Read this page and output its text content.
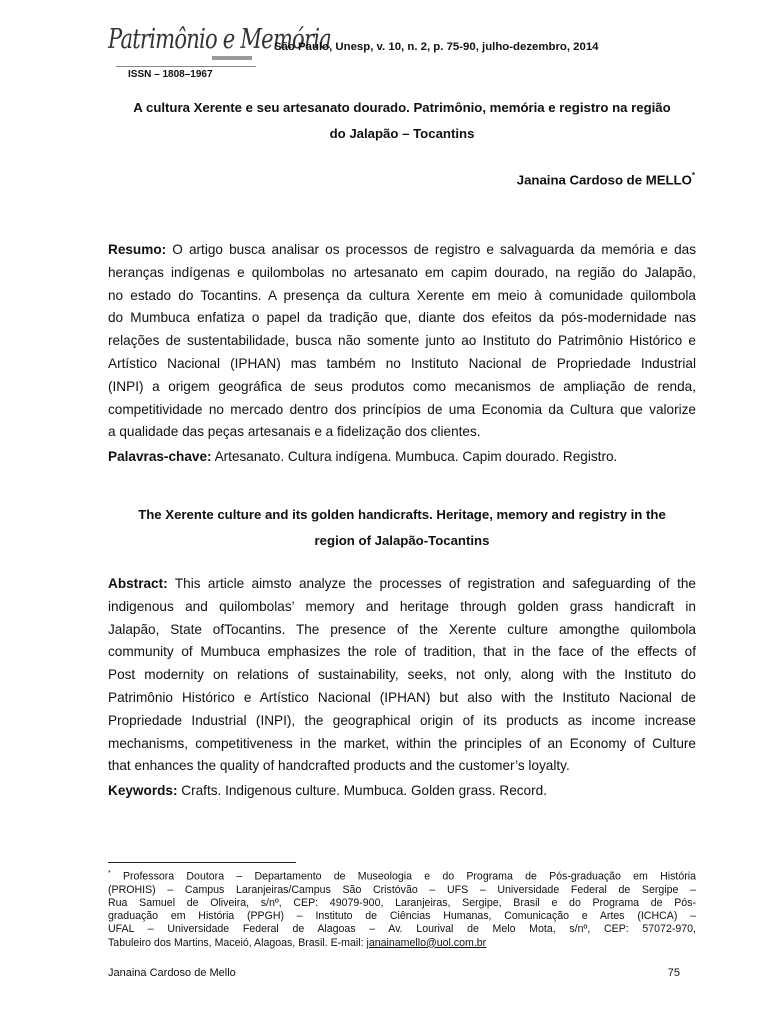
Patrimônio e Memória
ISSN – 1808–1967
São Paulo, Unesp, v. 10, n. 2, p. 75-90, julho-dezembro, 2014
A cultura Xerente e seu artesanato dourado. Patrimônio, memória e registro na região
do Jalapão – Tocantins
Janaina Cardoso de MELLO*
Resumo: O artigo busca analisar os processos de registro e salvaguarda da memória e das
heranças indígenas e quilombolas no artesanato em capim dourado, na região do Jalapão,
no estado do Tocantins. A presença da cultura Xerente em meio à comunidade quilombola
do Mumbuca enfatiza o papel da tradição que, diante dos efeitos da pós-modernidade nas
relações de sustentabilidade, busca não somente junto ao Instituto do Patrimônio Histórico e
Artístico Nacional (IPHAN) mas também no Instituto Nacional de Propriedade Industrial
(INPI) a origem geográfica de seus produtos como mecanismos de ampliação de renda,
competitividade no mercado dentro dos princípios de uma Economia da Cultura que valorize
a qualidade das peças artesanais e a fidelização dos clientes.
Palavras-chave: Artesanato. Cultura indígena. Mumbuca. Capim dourado. Registro.
The Xerente culture and its golden handicrafts. Heritage, memory and registry in the
region of Jalapão-Tocantins
Abstract: This article aimsto analyze the processes of registration and safeguarding of the
indigenous and quilombolas’ memory and heritage through golden grass handicraft in
Jalapão, State ofTocantins. The presence of the Xerente culture amongthe quilombola
community of Mumbuca emphasizes the role of tradition, that in the face of the effects of
Post modernity on relations of sustainability, seeks, not only, along with the Instituto do
Patrimônio Histórico e Artístico Nacional (IPHAN) but also with the Instituto Nacional de
Propriedade Industrial (INPI), the geographical origin of its products as income increase
mechanisms, competitiveness in the market, within the principles of an Economy of Culture
that enhances the quality of handcrafted products and the customer’s loyalty.
Keywords: Crafts. Indigenous culture. Mumbuca. Golden grass. Record.
* Professora Doutora – Departamento de Museologia e do Programa de Pós-graduação em História
(PROHIS) – Campus Laranjeiras/Campus São Cristóvão – UFS – Universidade Federal de Sergipe –
Rua Samuel de Oliveira, s/nº, CEP: 49079-900, Laranjeiras, Sergipe, Brasil e do Programa de Pós-
graduação em História (PPGH) – Instituto de Ciências Humanas, Comunicação e Artes (ICHCA) –
UFAL – Universidade Federal de Alagoas – Av. Lourival de Melo Mota, s/nº, CEP: 57072-970,
Tabuleiro dos Martins, Maceió, Alagoas, Brasil. E-mail: janainamello@uol.com.br
Janaina Cardoso de Mello	75
